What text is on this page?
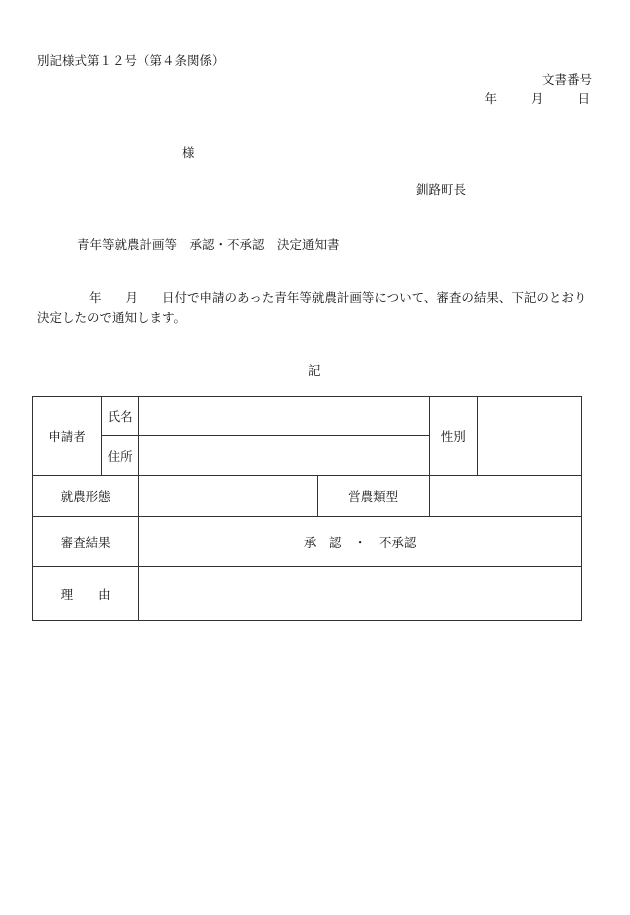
別記様式第１２号（第４条関係）
文書番号
年	月	日
様
釧路町長
青年等就農計画等　承認・不承認　決定通知書
年 月 日付で申請のあった青年等就農計画等について、審査の結果、下記のとおり決定したので通知します。
記
申請者	氏名			性別	
	住所				
就農形態			営農類型		
審査結果		承　認　・　不承認			
理　　由					
